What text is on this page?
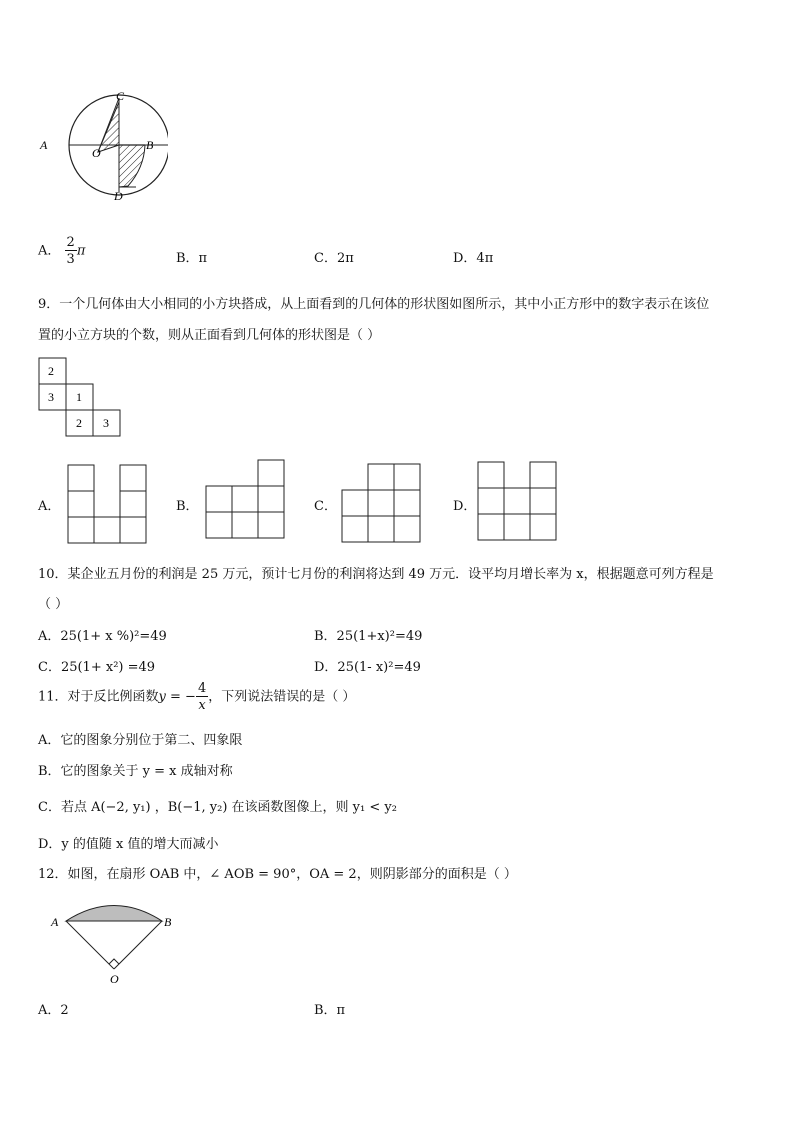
C
A
O
B
D
A． $\frac{2}{3}$ π	B．π	C．2π	D．4π
9．一个几何体由大小相同的小方块搭成，从上面看到的几何体的形状图如图所示，其中小正方形中的数字表示在该位
置的小立方块的个数，则从正面看到几何体的形状图是（ ）
2
3 1
2 3
A．	B．	C．	D．
10．某企业五月份的利润是 25 万元，预计七月份的利润将达到 49 万元．设平均月增长率为 x，根据题意可列方程是
（ ）
A．25(1+ x %)²=49	B．25(1+x)²=49
C．25(1+ x²) =49	D．25(1- x)²=49
11．对于反比例函数y = − $\frac{4}{x}$ ，下列说法错误的是（ ）
A．它的图象分别位于第二、四象限
B．它的图象关于 y = x 成轴对称
C．若点 A(−2, y₁) ，B(−1, y₂) 在该函数图像上，则 y₁ < y₂
D．y 的值随 x 值的增大而减小
12．如图，在扇形 OAB 中，∠ AOB = 90°，OA = 2，则阴影部分的面积是（ ）
A	B
O
A．2	B．π
